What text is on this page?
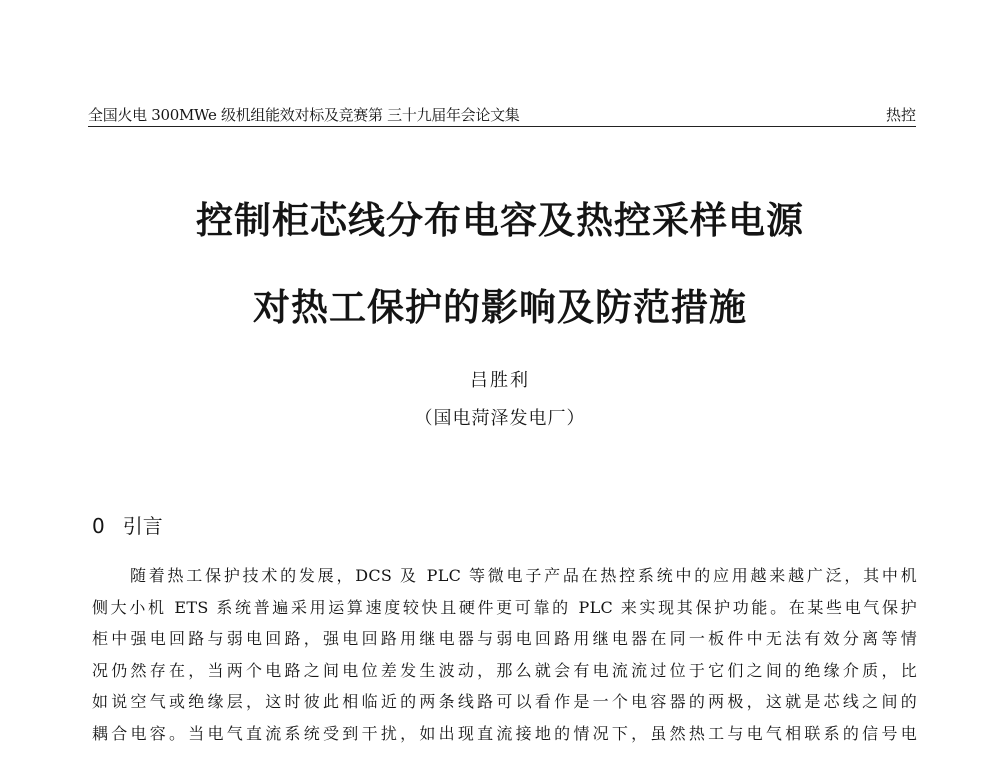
全国火电 300MWe 级机组能效对标及竞赛第 三十九届年会论文集	热控
控制柜芯线分布电容及热控采样电源
对热工保护的影响及防范措施
吕胜利
（国电菏泽发电厂）
0 引言
随着热工保护技术的发展，DCS 及 PLC 等微电子产品在热控系统中的应用越来越广泛，其中机
侧大小机 ETS 系统普遍采用运算速度较快且硬件更可靠的 PLC 来实现其保护功能。在某些电气保护
柜中强电回路与弱电回路，强电回路用继电器与弱电回路用继电器在同一板件中无法有效分离等情
况仍然存在，当两个电路之间电位差发生波动，那么就会有电流流过位于它们之间的绝缘介质，比
如说空气或绝缘层，这时彼此相临近的两条线路可以看作是一个电容器的两极，这就是芯线之间的
耦合电容。当电气直流系统受到干扰，如出现直流接地的情况下，虽然热工与电气相联系的信号电
